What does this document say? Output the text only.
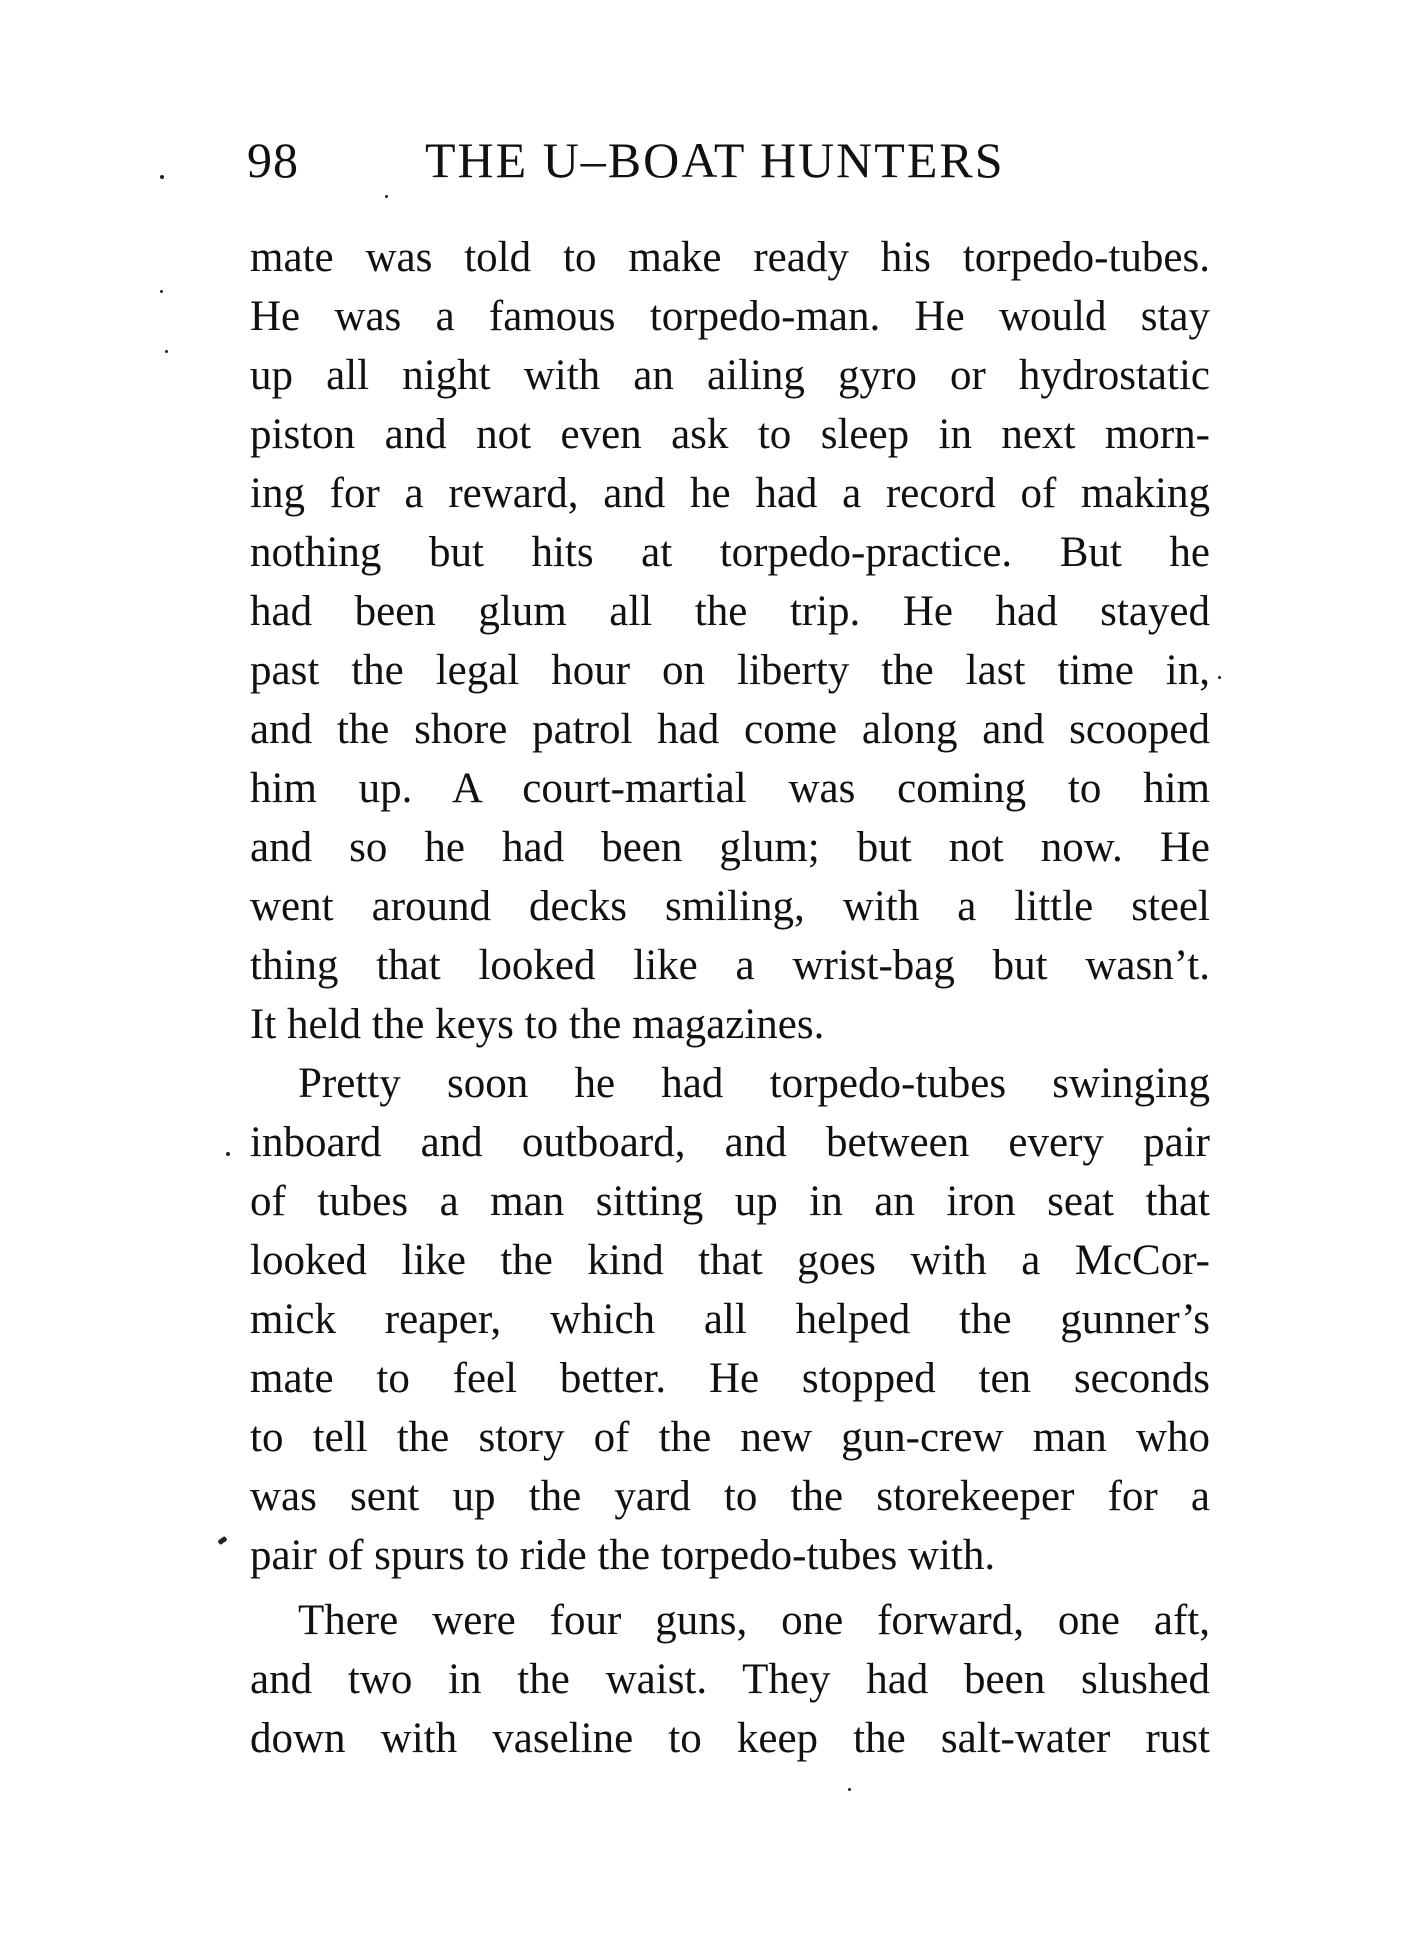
98	THE U–BOAT HUNTERS
mate was told to make ready his torpedo-tubes.
He was a famous torpedo-man. He would stay
up all night with an ailing gyro or hydrostatic
piston and not even ask to sleep in next morn-
ing for a reward, and he had a record of making
nothing but hits at torpedo-practice. But he
had been glum all the trip. He had stayed
past the legal hour on liberty the last time in,
and the shore patrol had come along and scooped
him up. A court-martial was coming to him
and so he had been glum; but not now. He
went around decks smiling, with a little steel
thing that looked like a wrist-bag but wasn’t.
It held the keys to the magazines.
Pretty soon he had torpedo-tubes swinging
inboard and outboard, and between every pair
of tubes a man sitting up in an iron seat that
looked like the kind that goes with a McCor-
mick reaper, which all helped the gunner’s
mate to feel better. He stopped ten seconds
to tell the story of the new gun-crew man who
was sent up the yard to the storekeeper for a
pair of spurs to ride the torpedo-tubes with.
There were four guns, one forward, one aft,
and two in the waist. They had been slushed
down with vaseline to keep the salt-water rust
